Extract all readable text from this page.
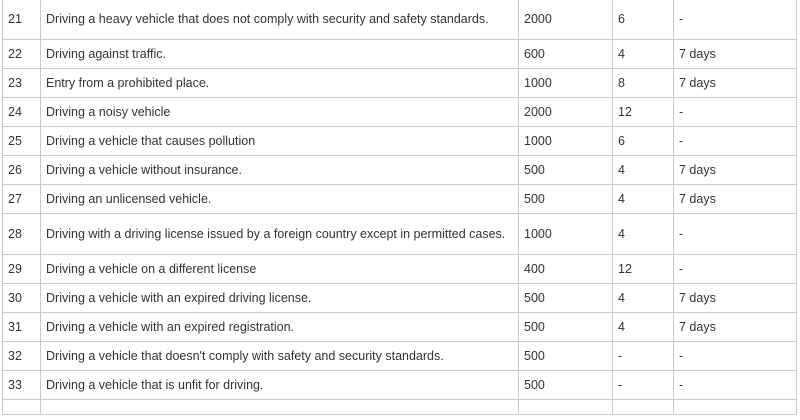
21	Driving a heavy vehicle that does not comply with security and safety standards.	2000	6	-
22	Driving against traffic.	600	4	7 days
23	Entry from a prohibited place.	1000	8	7 days
24	Driving a noisy vehicle	2000	12	-
25	Driving a vehicle that causes pollution	1000	6	-
26	Driving a vehicle without insurance.	500	4	7 days
27	Driving an unlicensed vehicle.	500	4	7 days
28	Driving with a driving license issued by a foreign country except in permitted cases.	1000	4	-
29	Driving a vehicle on a different license	400	12	-
30	Driving a vehicle with an expired driving license.	500	4	7 days
31	Driving a vehicle with an expired registration.	500	4	7 days
32	Driving a vehicle that doesn't comply with safety and security standards.	500	-	-
33	Driving a vehicle that is unfit for driving.	500	-	-
